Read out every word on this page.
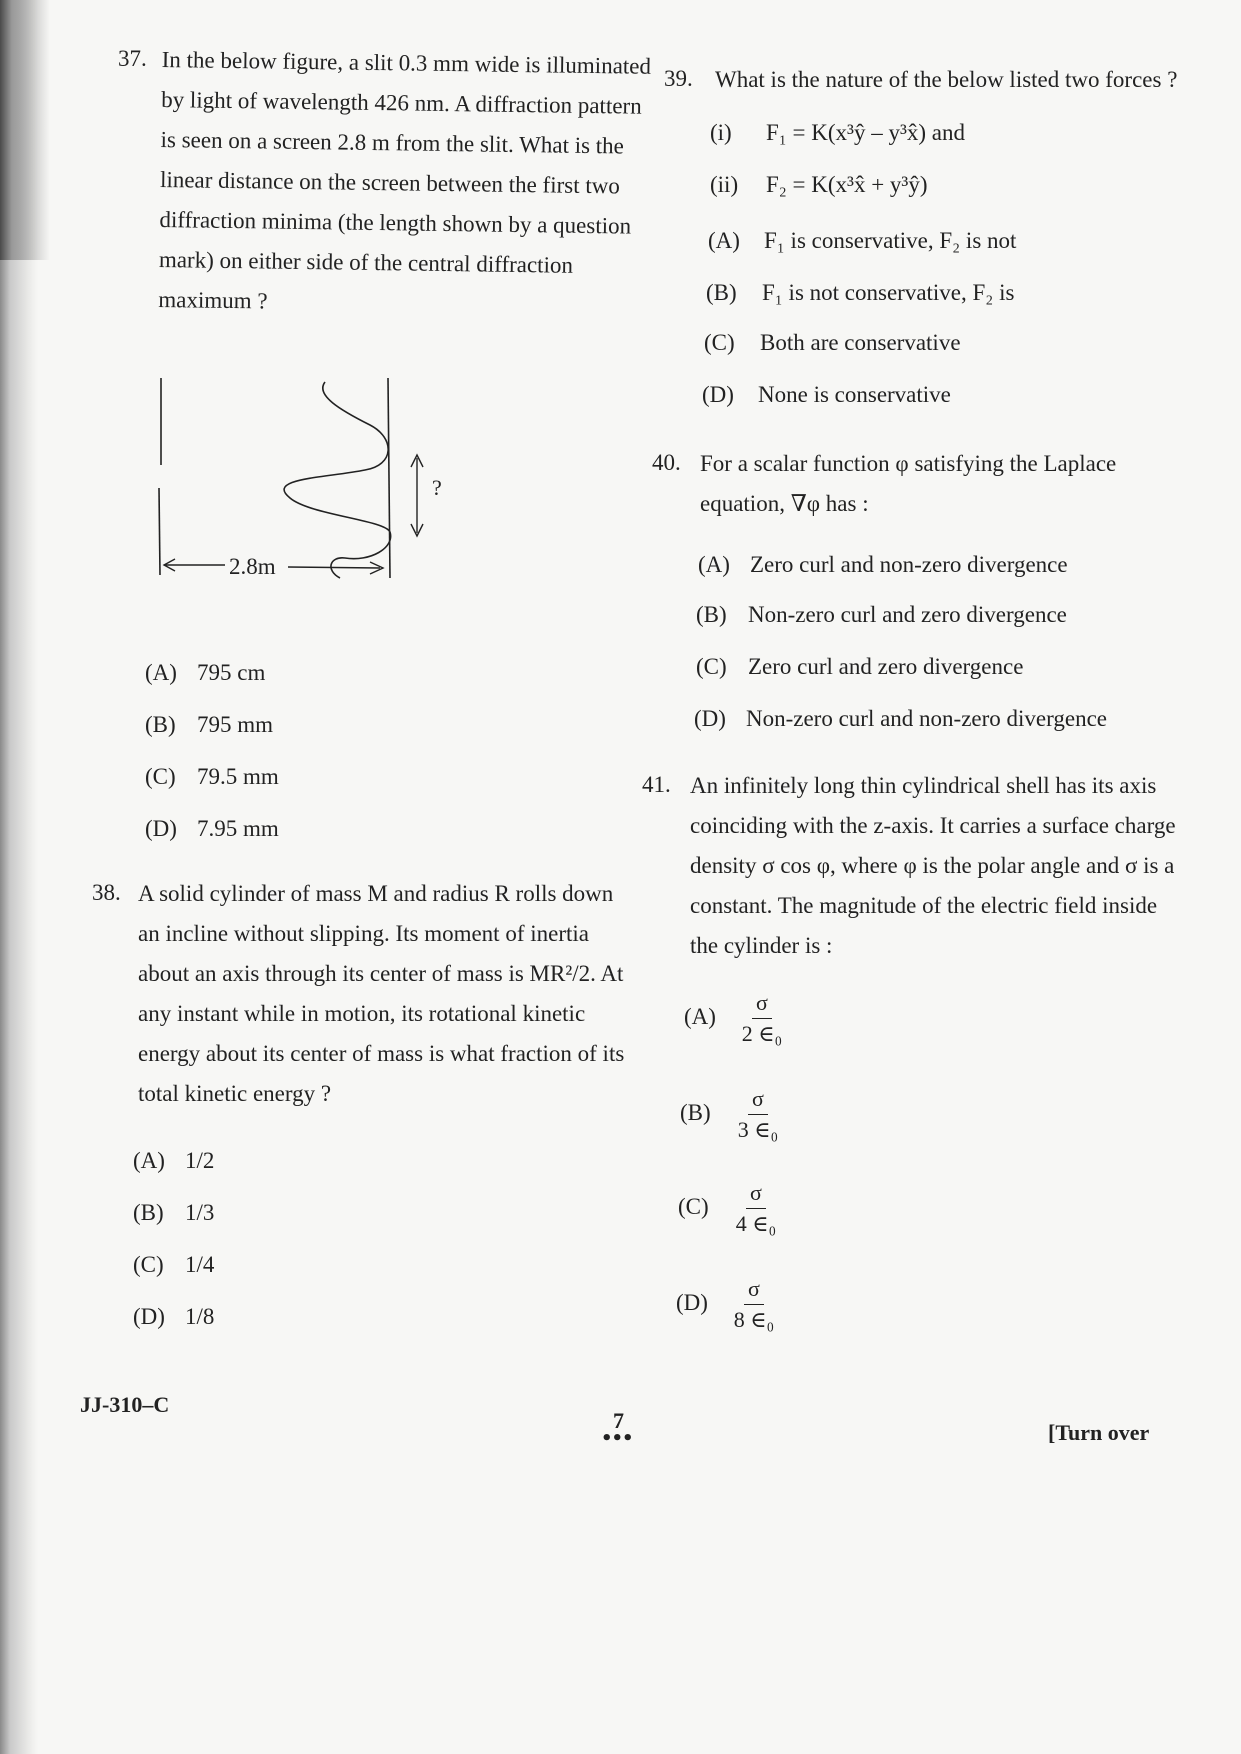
37. In the below figure, a slit 0.3 mm wide is illuminated by light of wavelength 426 nm. A diffraction pattern is seen on a screen 2.8 m from the slit. What is the linear distance on the screen between the first two diffraction minima (the length shown by a question mark) on either side of the central diffraction maximum ?

?
2.8m
(A) 795 cm
(B) 795 mm
(C) 79.5 mm
(D) 7.95 mm
38. A solid cylinder of mass M and radius R rolls down an incline without slipping. Its moment of inertia about an axis through its center of mass is MR²/2. At any instant while in motion, its rotational kinetic energy about its center of mass is what fraction of its total kinetic energy ?

(A) 1/2
(B) 1/3
(C) 1/4
(D) 1/8
39. What is the nature of the below listed two forces ?

(i) F₁ = K(x³ŷ – y³x̂) and
(ii) F₂ = K(x³x̂ + y³ŷ)
(A) F₁ is conservative, F₂ is not
(B) F₁ is not conservative, F₂ is
(C) Both are conservative
(D) None is conservative
40. For a scalar function φ satisfying the Laplace equation, ∇φ has :

(A) Zero curl and non-zero divergence
(B) Non-zero curl and zero divergence
(C) Zero curl and zero divergence
(D) Non-zero curl and non-zero divergence
41. An infinitely long thin cylindrical shell has its axis coinciding with the z-axis. It carries a surface charge density σ cos φ, where φ is the polar angle and σ is a constant. The magnitude of the electric field inside the cylinder is :

$(A) \frac{\sigma}{\text{2 ∈₀}}$
$(B) \frac{\sigma}{\text{3 ∈₀}}$
$(C) \frac{\sigma}{\text{4 ∈₀}}$
$(D) \frac{\sigma}{\text{8 ∈₀}}$
JJ-310–C
7
•••	[Turn over
